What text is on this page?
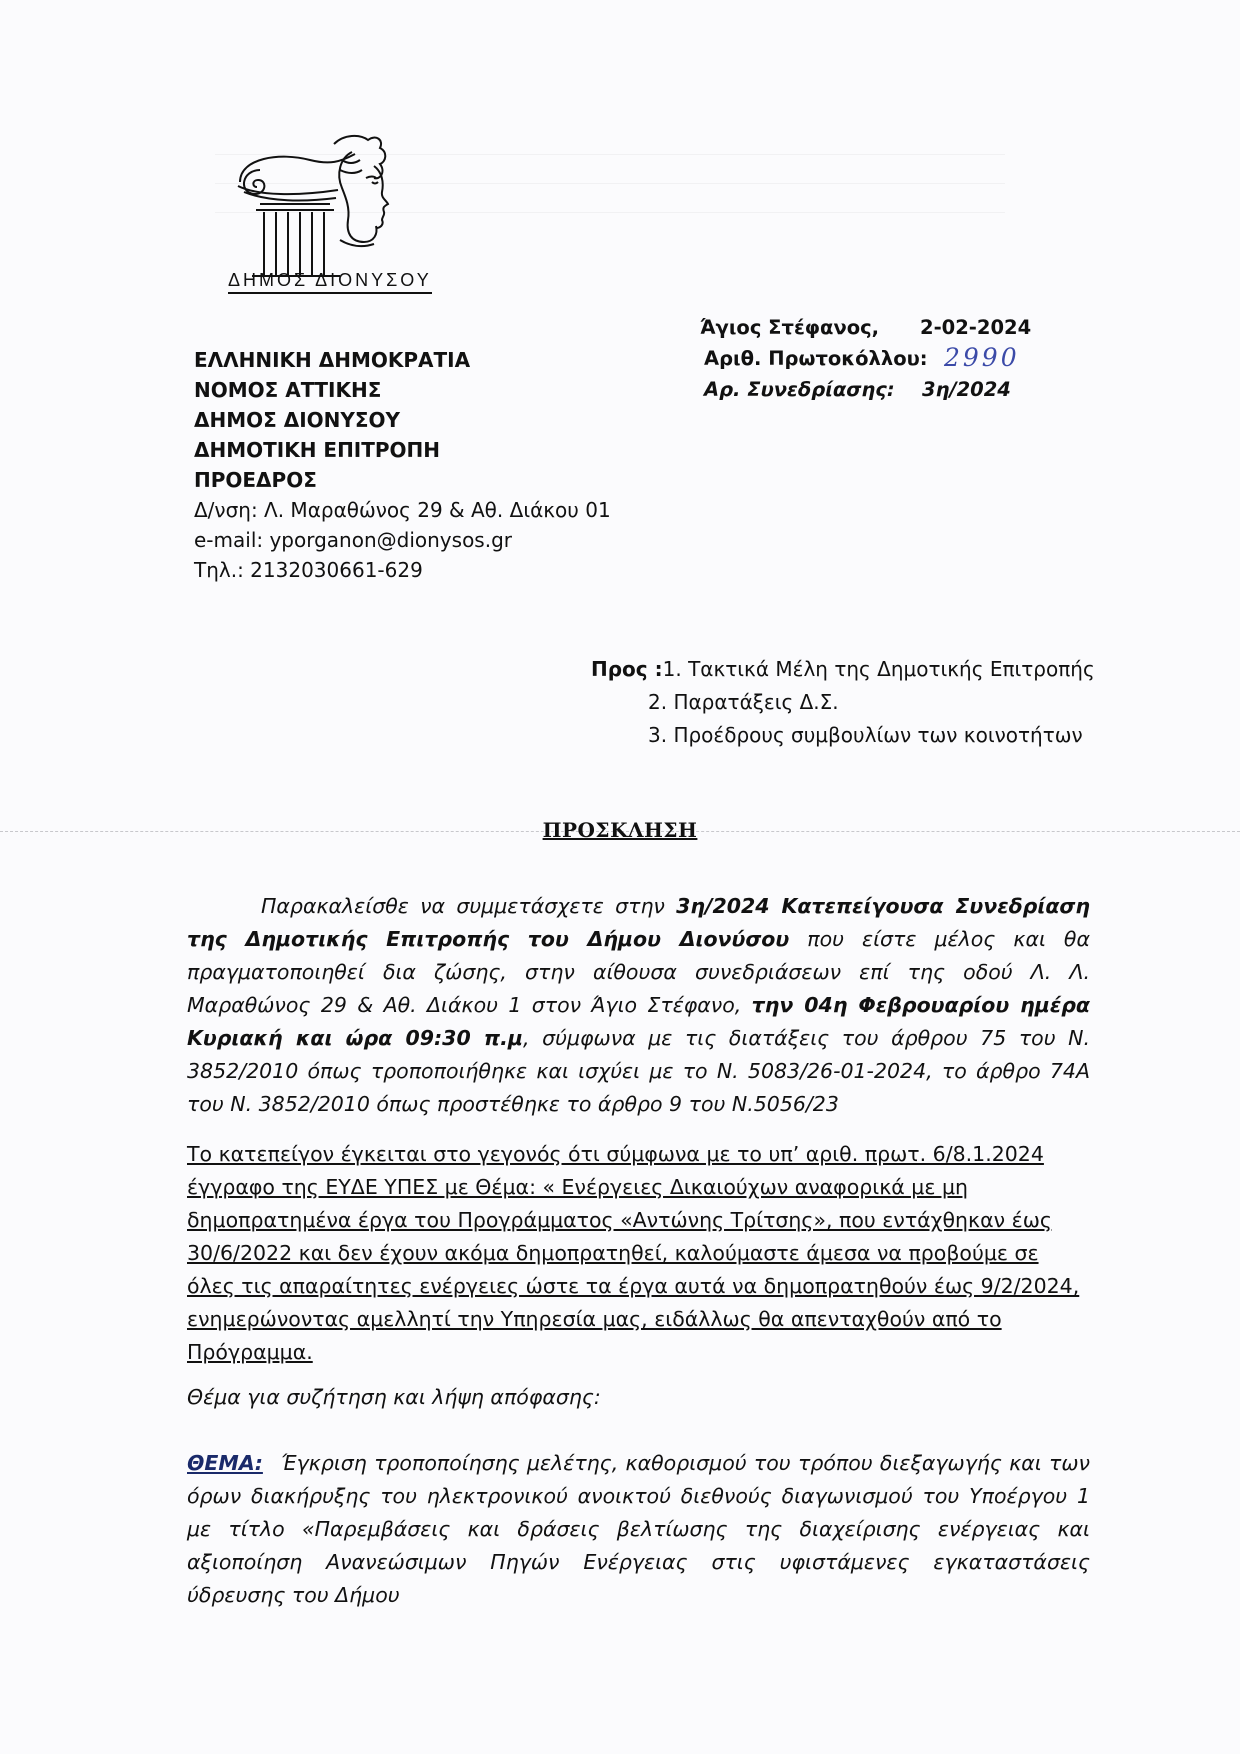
ΔΗΜΟΣ ΔΙΟΝΥΣΟΥ
ΕΛΛΗΝΙΚΗ ΔΗΜΟΚΡΑΤΙΑ
ΝΟΜΟΣ ΑΤΤΙΚΗΣ
ΔΗΜΟΣ ΔΙΟΝΥΣΟΥ
ΔΗΜΟΤΙΚΗ ΕΠΙΤΡΟΠΗ
ΠΡΟΕΔΡΟΣ
Δ/νση: Λ. Μαραθώνος 29 & Αθ. Διάκου 01
e-mail: yporganon@dionysos.gr
Τηλ.: 2132030661-629
Άγιος Στέφανος, 2-02-2024
Αριθ. Πρωτοκόλλου: 2990
Αρ. Συνεδρίασης: 3η/2024
Προς :1. Τακτικά Μέλη της Δημοτικής Επιτροπής
2. Παρατάξεις Δ.Σ.
3. Προέδρους συμβουλίων των κοινοτήτων
ΠΡΟΣΚΛΗΣΗ
Παρακαλείσθε να συμμετάσχετε στην 3η/2024 Κατεπείγουσα Συνεδρίαση της Δημοτικής Επιτροπής του Δήμου Διονύσου που είστε μέλος και θα πραγματοποιηθεί δια ζώσης, στην αίθουσα συνεδριάσεων επί της οδού Λ. Λ. Μαραθώνος 29 & Αθ. Διάκου 1 στον Άγιο Στέφανο, την 04η Φεβρουαρίου ημέρα Κυριακή και ώρα 09:30 π.μ, σύμφωνα με τις διατάξεις του άρθρου 75 του Ν. 3852/2010 όπως τροποποιήθηκε και ισχύει με το Ν. 5083/26-01-2024, το άρθρο 74Α του Ν. 3852/2010 όπως προστέθηκε το άρθρο 9 του Ν.5056/23
Το κατεπείγον έγκειται στο γεγονός ότι σύμφωνα με το υπ’ αριθ. πρωτ. 6/8.1.2024 έγγραφο της ΕΥΔΕ ΥΠΕΣ με Θέμα: « Ενέργειες Δικαιούχων αναφορικά με μη δημοπρατημένα έργα του Προγράμματος «Αντώνης Τρίτσης», που εντάχθηκαν έως 30/6/2022 και δεν έχουν ακόμα δημοπρατηθεί, καλούμαστε άμεσα να προβούμε σε όλες τις απαραίτητες ενέργειες ώστε τα έργα αυτά να δημοπρατηθούν έως 9/2/2024, ενημερώνοντας αμελλητί την Υπηρεσία μας, ειδάλλως θα απενταχθούν από το Πρόγραμμα.
Θέμα για συζήτηση και λήψη απόφασης:
ΘΕΜΑ: Έγκριση τροποποίησης μελέτης, καθορισμού του τρόπου διεξαγωγής και των όρων διακήρυξης του ηλεκτρονικού ανοικτού διεθνούς διαγωνισμού του Υποέργου 1 με τίτλο «Παρεμβάσεις και δράσεις βελτίωσης της διαχείρισης ενέργειας και αξιοποίηση Ανανεώσιμων Πηγών Ενέργειας στις υφιστάμενες εγκαταστάσεις ύδρευσης του Δήμου
